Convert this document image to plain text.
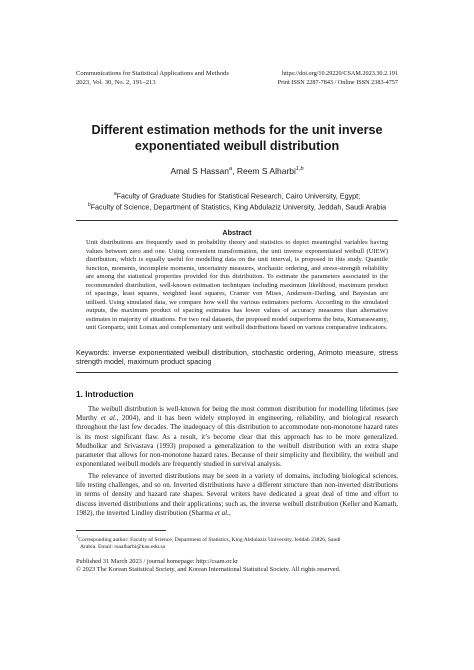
Communications for Statistical Applications and Methods
2023, Vol. 30, No. 2, 191–213
https://doi.org/10.29220/CSAM.2023.30.2.191
Print ISSN 2287-7843 / Online ISSN 2383-4757
Different estimation methods for the unit inverse
exponentiated weibull distribution
Amal S Hassan$^a$, Reem S Alharbi$^{1,b}$
$^a$Faculty of Graduate Studies for Statistical Research, Cairo University, Egypt;
$^b$Faculty of Science, Department of Statistics, King Abdulaziz University, Jeddah, Saudi Arabia
Abstract
Unit distributions are frequently used in probability theory and statistics to depict meaningful variables having values between zero and one. Using convenient transformation, the unit inverse exponentiated weibull (UIEW) distribution, which is equally useful for modelling data on the unit interval, is proposed in this study. Quantile function, moments, incomplete moments, uncertainty measures, stochastic ordering, and stress-strength reliability are among the statistical properties provided for this distribution. To estimate the parameters associated to the recommended distribution, well-known estimation techniques including maximum likelihood, maximum product of spacings, least squares, weighted least squares, Cramer von Mises, Anderson–Darling, and Bayesian are utilised. Using simulated data, we compare how well the various estimators perform. According to the simulated outputs, the maximum product of spacing estimates has lower values of accuracy measures than alternative estimates in majority of situations. For two real datasets, the proposed model outperforms the beta, Kumaraswamy, unit Gompartz, unit Lomax and complementary unit weibull distributions based on various comparative indicators.
Keywords: inverse exponentiated weibull distribution, stochastic ordering, Arimoto measure, stress strength model, maximum product spacing
1. Introduction
The weibull distribution is well-known for being the most common distribution for modelling lifetimes (see Murthy et al., 2004), and it has been widely employed in engineering, reliability, and biological research throughout the last few decades. The inadequacy of this distribution to accommodate non-monotone hazard rates is its most significant flaw. As a result, it’s become clear that this approach has to be more generalized. Mudholkar and Srivastava (1993) proposed a generalization to the weibull distribution with an extra shape parameter that allows for non-monotone hazard rates. Because of their simplicity and flexibility, the weibull and exponentiated weibull models are frequently studied in survival analysis.
The relevance of inverted distributions may be seen in a variety of domains, including biological sciences, life testing challenges, and so on. Inverted distributions have a different structure than non-inverted distributions in terms of density and hazard rate shapes. Several writers have dedicated a great deal of time and effort to discuss inverted distributions and their applications; such as, the inverse weibull distribution (Keller and Kamath, 1982), the inverted Lindley distribution (Sharma et al.,
$^1$Corresponding author: Faculty of Science, Department of Statistics, King Abdulaziz University, Jeddah 23826, Saudi
Arabia. Email: rsaalharbi@kau.edu.sa
Published 31 March 2023 / journal homepage: http://csam.or.kr
© 2023 The Korean Statistical Society, and Korean International Statistical Society. All rights reserved.
